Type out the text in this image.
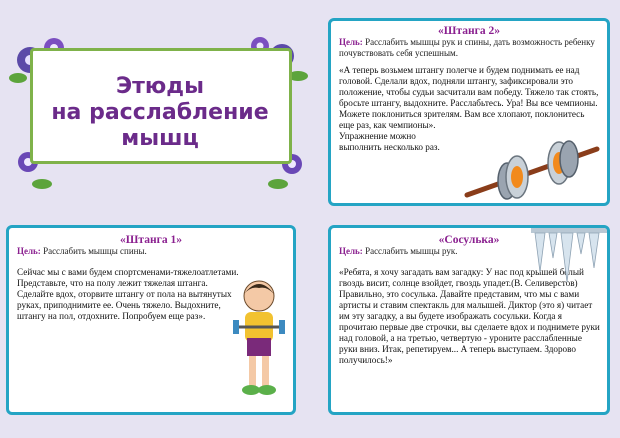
Этюды
на расслабление мышц
«Штанга 2»
Цель: Расслабить мышцы рук и спины, дать возможность ребенку почувствовать себя успешным.

«А теперь возьмем штангу полегче и будем поднимать ее над головой. Сделали вдох, подняли штангу, зафиксировали это положение, чтобы судьи засчитали вам победу. Тяжело так стоять, бросьте штангу, выдохните. Расслабьтесь. Ура! Вы все чемпионы. Можете поклониться зрителям. Вам все хлопают, поклонитесь еще раз, как чемпионы».

Упражнение можно выполнить несколько раз.

«Штанга 1»
Цель: Расслабить мышцы спины.

Сейчас мы с вами будем спортсменами-тяжелоатлетами. Представьте, что на полу лежит тяжелая штанга. Сделайте вдох, оторвите штангу от пола на вытянутых руках, приподнимите ее. Очень тяжело. Выдохните, штангу на пол, отдохните. Попробуем еще раз».

«Сосулька»
Цель: Расслабить мышцы рук.

«Ребята, я хочу загадать вам загадку: У нас под крышей белый гвоздь висит, солнце взойдет, гвоздь упадет.(В. Селиверстов) Правильно, это сосулька. Давайте представим, что мы с вами артисты и ставим спектакль для малышей. Диктор (это я) читает им эту загадку, а вы будете изображать сосульки. Когда я прочитаю первые две строчки, вы сделаете вдох и поднимете руки над головой, а на третью, четвертую - уроните расслабленные руки вниз. Итак, репетируем... А теперь выступаем. Здорово получилось!»
